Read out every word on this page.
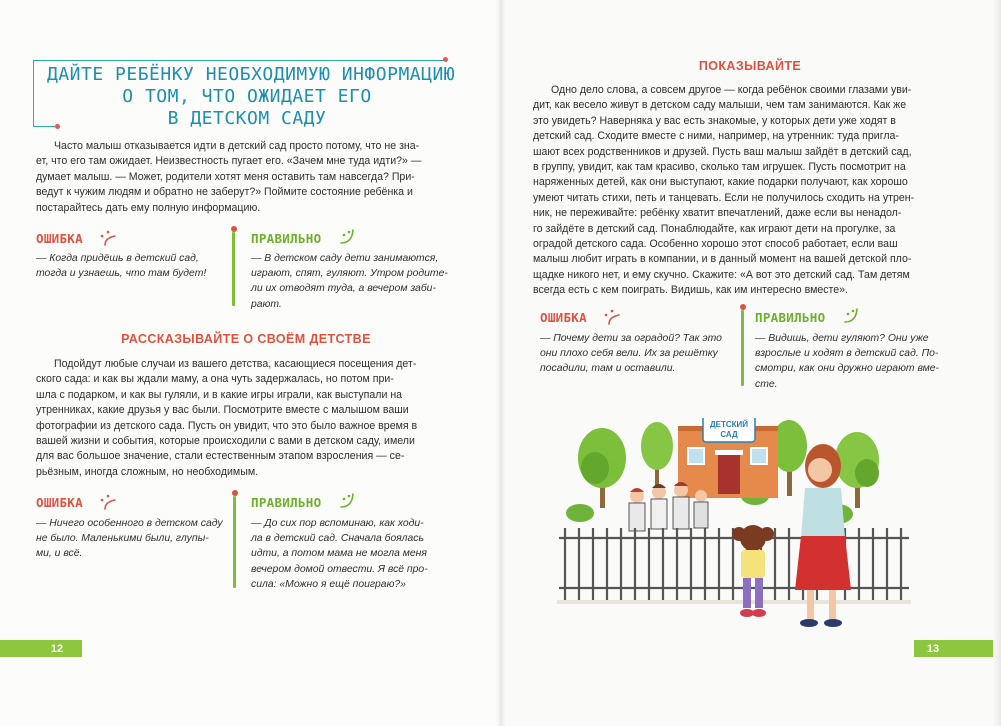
ДАЙТЕ РЕБЁНКУ НЕОБХОДИМУЮ ИНФОРМАЦИЮ
О ТОМ, ЧТО ОЖИДАЕТ ЕГО
В ДЕТСКОМ САДУ
Часто малыш отказывается идти в детский сад просто потому, что не зна-
ет, что его там ожидает. Неизвестность пугает его. «Зачем мне туда идти?» —
думает малыш. — Может, родители хотят меня оставить там навсегда? При-
ведут к чужим людям и обратно не заберут?» Поймите состояние ребёнка и
постарайтесь дать ему полную информацию.
ОШИБКА
— Когда придёшь в детский сад,
тогда и узнаешь, что там будет!
ПРАВИЛЬНО
— В детском саду дети занимаются,
играют, спят, гуляют. Утром родите-
ли их отводят туда, а вечером заби-
рают.
РАССКАЗЫВАЙТЕ О СВОЁМ ДЕТСТВЕ
Подойдут любые случаи из вашего детства, касающиеся посещения дет-
ского сада: и как вы ждали маму, а она чуть задержалась, но потом при-
шла с подарком, и как вы гуляли, и в какие игры играли, как выступали на
утренниках, какие друзья у вас были. Посмотрите вместе с малышом ваши
фотографии из детского сада. Пусть он увидит, что это было важное время в
вашей жизни и события, которые происходили с вами в детском саду, имели
для вас большое значение, стали естественным этапом взросления — се-
рьёзным, иногда сложным, но необходимым.
ОШИБКА
— Ничего особенного в детском саду
не было. Маленькими были, глупы-
ми, и всё.
ПРАВИЛЬНО
— До сих пор вспоминаю, как ходи-
ла в детский сад. Сначала боялась
идти, а потом мама не могла меня
вечером домой отвести. Я всё про-
сила: «Можно я ещё поиграю?»
12
ПОКАЗЫВАЙТЕ
Одно дело слова, а совсем другое — когда ребёнок своими глазами уви-
дит, как весело живут в детском саду малыши, чем там занимаются. Как же
это увидеть? Наверняка у вас есть знакомые, у которых дети уже ходят в
детский сад. Сходите вместе с ними, например, на утренник: туда пригла-
шают всех родственников и друзей. Пусть ваш малыш зайдёт в детский сад,
в группу, увидит, как там красиво, сколько там игрушек. Пусть посмотрит на
наряженных детей, как они выступают, какие подарки получают, как хорошо
умеют читать стихи, петь и танцевать. Если не получилось сходить на утрен-
ник, не переживайте: ребёнку хватит впечатлений, даже если вы ненадол-
го зайдёте в детский сад. Понаблюдайте, как играют дети на прогулке, за
оградой детского сада. Особенно хорошо этот способ работает, если ваш
малыш любит играть в компании, и в данный момент на вашей детской пло-
щадке никого нет, и ему скучно. Скажите: «А вот это детский сад. Там детям
всегда есть с кем поиграть. Видишь, как им интересно вместе».
ОШИБКА
— Почему дети за оградой? Так это
они плохо себя вели. Их за решётку
посадили, там и оставили.
ПРАВИЛЬНО
— Видишь, дети гуляют? Они уже
взрослые и ходят в детский сад. По-
смотри, как они дружно играют вме-
сте.
13
ДЕТСКИЙ
САД
